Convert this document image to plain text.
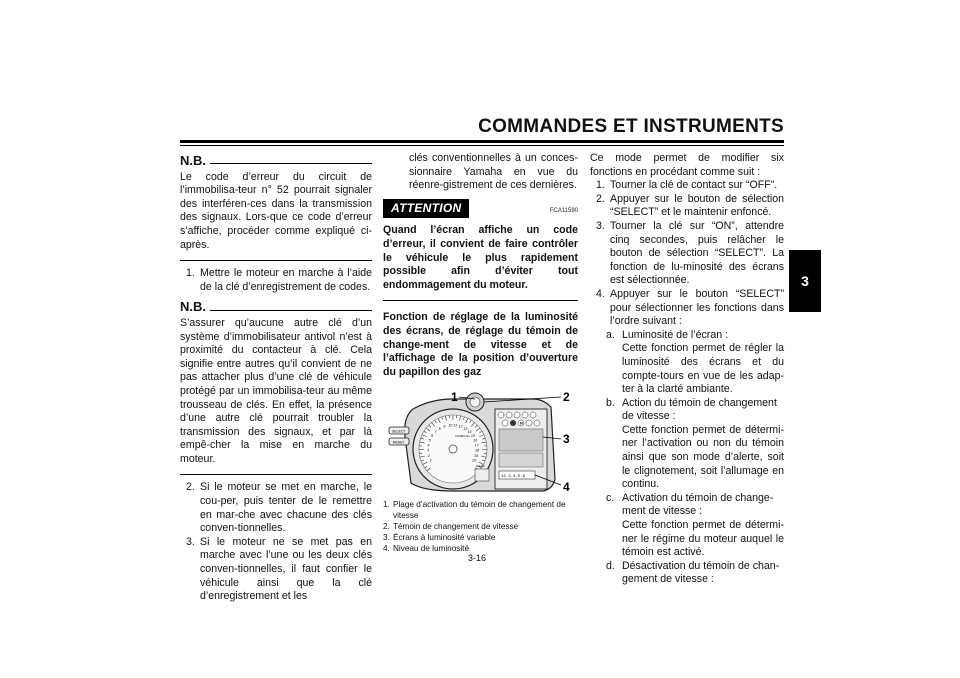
COMMANDES ET INSTRUMENTS
3
N.B.

Le code d’erreur du circuit de l’immobilisa-teur n° 52 pourrait signaler des interféren-ces dans la transmission des signaux. Lors-que ce code d’erreur s’affiche, procéder comme expliqué ci-après.

1. Mettre le moteur en marche à l’aide de la clé d’enregistrement de codes.
N.B.

S’assurer qu’aucune autre clé d’un système d’immobilisateur antivol n’est à proximité du contacteur à clé. Cela signifie entre autres qu’il convient de ne pas attacher plus d’une clé de véhicule protégé par un immobilisa-teur au même trousseau de clés. En effet, la présence d’une autre clé pourrait troubler la transmission des signaux, et par là empê-cher la mise en marche du moteur.

2. Si le moteur se met en marche, le cou-per, puis tenter de le remettre en mar-che avec chacune des clés conven-tionnelles.
3. Si le moteur ne se met pas en marche avec l’une ou les deux clés conven-tionnelles, il faut confier le véhicule ainsi que la clé d’enregistrement et les

clés conventionnelles à un conces-sionnaire Yamaha en vue du réenre-gistrement de ces dernières.

ATTENTION	FCA11590

Quand l’écran affiche un code d’erreur, il convient de faire contrôler le véhicule le plus rapidement possible afin d’éviter tout endommagement du moteur.

Fonction de réglage de la luminosité des écrans, de réglage du témoin de change-ment de vitesse et de l’affichage de la position d’ouverture du papillon des gaz

SELECT
RESET
1
2
3
4
5
6
7
8
9 10 11 12
13
14
15
16
17
18
19
20
x1000r/min
GEAR
N
12.3.4.5.6
1	2
3
4
1. Plage d’activation du témoin de changement de vitesse
2. Témoin de changement de vitesse
3. Écrans à luminosité variable
4. Niveau de luminosité

Ce mode permet de modifier six fonctions en procédant comme suit :

1. Tourner la clé de contact sur “OFF”.
2. Appuyer sur le bouton de sélection “SELECT” et le maintenir enfoncé.
3. Tourner la clé sur “ON”, attendre cinq secondes, puis relâcher le bouton de sélection “SELECT”. La fonction de lu-minosité des écrans est sélectionnée.
4. Appuyer sur le bouton “SELECT” pour sélectionner les fonctions dans l’ordre suivant :
a. Luminosité de l’écran :

Cette fonction permet de régler la luminosité des écrans et du compte-tours en vue de les adap-ter à la clarté ambiante.

b. Action du témoin de changement de vitesse :

Cette fonction permet de détermi-ner l’activation ou non du témoin ainsi que son mode d’alerte, soit le clignotement, soit l’allumage en continu.

c. Activation du témoin de change-ment de vitesse :

Cette fonction permet de détermi-ner le régime du moteur auquel le témoin est activé.

d. Désactivation du témoin de chan-gement de vitesse :
3-16
